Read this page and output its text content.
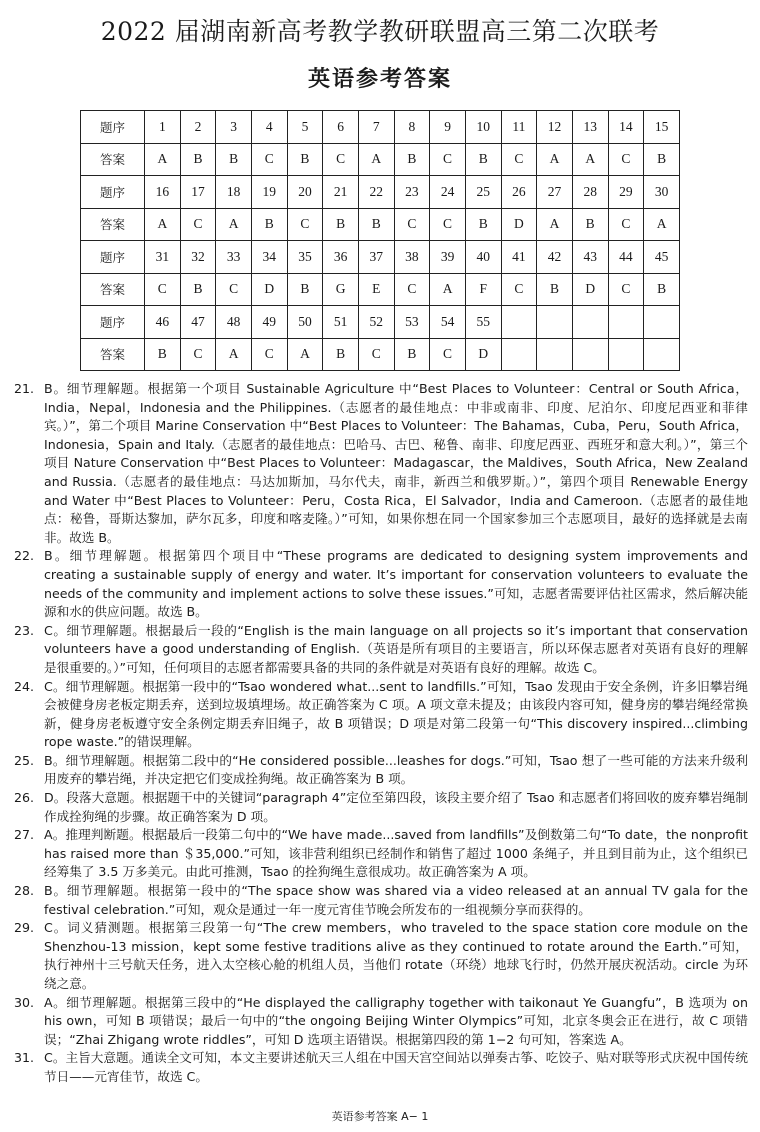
2022 届湖南新高考教学教研联盟高三第二次联考
英语参考答案
题序	1	2	3	4	5	6	7	8	9	10	11	12	13	14	15
答案	A	B	B	C	B	C	A	B	C	B	C	A	A	C	B
题序	16	17	18	19	20	21	22	23	24	25	26	27	28	29	30
答案	A	C	A	B	C	B	B	C	C	B	D	A	B	C	A
题序	31	32	33	34	35	36	37	38	39	40	41	42	43	44	45
答案	C	B	C	D	B	G	E	C	A	F	C	B	D	C	B
题序	46	47	48	49	50	51	52	53	54	55					
答案	B	C	A	C	A	B	C	B	C	D					
21. B。细节理解题。根据第一个项目 Sustainable Agriculture 中“Best Places to Volunteer：Central or South Africa，India，Nepal，Indonesia and the Philippines.（志愿者的最佳地点：中非或南非、印度、尼泊尔、印度尼西亚和菲律宾。）”，第二个项目 Marine Conservation 中“Best Places to Volunteer：The Bahamas，Cuba，Peru，South Africa，Indonesia，Spain and Italy.（志愿者的最佳地点：巴哈马、古巴、秘鲁、南非、印度尼西亚、西班牙和意大利。）”，第三个项目 Nature Conservation 中“Best Places to Volunteer：Madagascar，the Maldives，South Africa，New Zealand and Russia.（志愿者的最佳地点：马达加斯加，马尔代夫，南非，新西兰和俄罗斯。）”，第四个项目 Renewable Energy and Water 中“Best Places to Volunteer：Peru，Costa Rica，El Salvador，India and Cameroon.（志愿者的最佳地点：秘鲁，哥斯达黎加，萨尔瓦多，印度和喀麦隆。）”可知，如果你想在同一个国家参加三个志愿项目，最好的选择就是去南非。故选 B。
22. B。细节理解题。根据第四个项目中“These programs are dedicated to designing system improvements and creating a sustainable supply of energy and water. It’s important for conservation volunteers to evaluate the needs of the community and implement actions to solve these issues.”可知，志愿者需要评估社区需求，然后解决能源和水的供应问题。故选 B。
23. C。细节理解题。根据最后一段的“English is the main language on all projects so it’s important that conservation volunteers have a good understanding of English.（英语是所有项目的主要语言，所以环保志愿者对英语有良好的理解是很重要的。）”可知，任何项目的志愿者都需要具备的共同的条件就是对英语有良好的理解。故选 C。
24. C。细节理解题。根据第一段中的“Tsao wondered what...sent to landfills.”可知，Tsao 发现由于安全条例，许多旧攀岩绳会被健身房老板定期丢弃，送到垃圾填埋场。故正确答案为 C 项。A 项文章未提及；由该段内容可知，健身房的攀岩绳经常换新，健身房老板遵守安全条例定期丢弃旧绳子，故 B 项错误；D 项是对第二段第一句“This discovery inspired...climbing rope waste.”的错误理解。
25. B。细节理解题。根据第二段中的“He considered possible...leashes for dogs.”可知，Tsao 想了一些可能的方法来升级利用废弃的攀岩绳，并决定把它们变成拴狗绳。故正确答案为 B 项。
26. D。段落大意题。根据题干中的关键词“paragraph 4”定位至第四段，该段主要介绍了 Tsao 和志愿者们将回收的废弃攀岩绳制作成拴狗绳的步骤。故正确答案为 D 项。
27. A。推理判断题。根据最后一段第二句中的“We have made...saved from landfills”及倒数第二句“To date，the nonprofit has raised more than ＄35,000.”可知，该非营利组织已经制作和销售了超过 1000 条绳子，并且到目前为止，这个组织已经筹集了 3.5 万多美元。由此可推测，Tsao 的拴狗绳生意很成功。故正确答案为 A 项。
28. B。细节理解题。根据第一段中的“The space show was shared via a video released at an annual TV gala for the festival celebration.”可知，观众是通过一年一度元宵佳节晚会所发布的一组视频分享而获得的。
29. C。词义猜测题。根据第三段第一句“The crew members，who traveled to the space station core module on the Shenzhou-13 mission，kept some festive traditions alive as they continued to rotate around the Earth.”可知，执行神州十三号航天任务，进入太空核心舱的机组人员，当他们 rotate（环绕）地球飞行时，仍然开展庆祝活动。circle 为环绕之意。
30. A。细节理解题。根据第三段中的“He displayed the calligraphy together with taikonaut Ye Guangfu”，B 选项为 on his own，可知 B 项错误；最后一句中的“the ongoing Beijing Winter Olympics”可知，北京冬奥会正在进行，故 C 项错误；“Zhai Zhigang wrote riddles”，可知 D 选项主语错误。根据第四段的第 1−2 句可知，答案选 A。
31. C。主旨大意题。通读全文可知，本文主要讲述航天三人组在中国天宫空间站以弹奏古筝、吃饺子、贴对联等形式庆祝中国传统节日——元宵佳节，故选 C。
英语参考答案 A− 1
